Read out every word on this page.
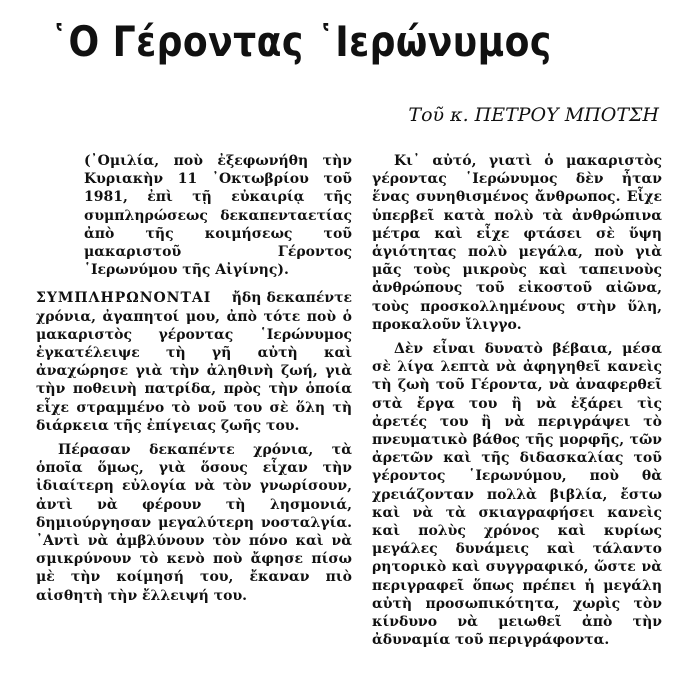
῾Ο Γέροντας ῾Ιερώνυμος
Τοῦ κ. ΠΕΤΡΟΥ ΜΠΟΤΣΗ

(᾿Ομιλία, ποὺ ἐξεφωνήθη τὴν Κυριακὴν 11 ᾿Οκτωβρίου τοῦ 1981, ἐπὶ τῇ εὐκαιρίᾳ τῆς συμπληρώσεως δεκαπενταετίας ἀπὸ τῆς κοιμήσεως τοῦ μακαριστοῦ Γέροντος ῾Ιερωνύμου τῆς Αἰγίνης).

ΣΥΜΠΛΗΡΩΝΟΝΤΑΙ ἤδη δεκαπέντε χρόνια, ἀγαπητοί μου, ἀπὸ τότε ποὺ ὁ μακαριστὸς γέροντας ῾Ιερώνυμος ἐγκατέλειψε τὴ γῆ αὐτὴ καὶ ἀναχώρησε γιὰ τὴν ἀληθινὴ ζωή, γιὰ τὴν ποθεινὴ πατρίδα, πρὸς τὴν ὁποία εἶχε στραμμένο τὸ νοῦ του σὲ ὅλη τὴ διάρκεια τῆς ἐπίγειας ζωῆς του.

Πέρασαν δεκαπέντε χρόνια, τὰ ὁποῖα ὅμως, γιὰ ὅσους εἶχαν τὴν ἰδιαίτερη εὐλογία νὰ τὸν γνωρίσουν, ἀντὶ νὰ φέρουν τὴ λησμονιά, δημιούργησαν μεγαλύτερη νοσταλγία. ᾿Αντὶ νὰ ἀμβλύνουν τὸν πόνο καὶ νὰ σμικρύνουν τὸ κενὸ ποὺ ἄφησε πίσω μὲ τὴν κοίμησή του, ἔκαναν πιὸ αἰσθητὴ τὴν ἔλλειψή του.

Κι᾿ αὐτό, γιατὶ ὁ μακαριστὸς γέροντας ῾Ιερώνυμος δὲν ἦταν ἕνας συνηθισμένος ἄνθρωπος. Εἶχε ὑπερβεῖ κατὰ πολὺ τὰ ἀνθρώπινα μέτρα καὶ εἶχε φτάσει σὲ ὕψη ἁγιότητας πολὺ μεγάλα, ποὺ γιὰ μᾶς τοὺς μικροὺς καὶ ταπεινοὺς ἀνθρώπους τοῦ εἰκοστοῦ αἰῶνα, τοὺς προσκολλημένους στὴν ὕλη, προκαλοῦν ἴλιγγο.

Δὲν εἶναι δυνατὸ βέβαια, μέσα σὲ λίγα λεπτὰ νὰ ἀφηγηθεῖ κανεὶς τὴ ζωὴ τοῦ Γέροντα, νὰ ἀναφερθεῖ στὰ ἔργα του ἢ νὰ ἐξάρει τὶς ἀρετές του ἢ νὰ περιγράψει τὸ πνευματικὸ βάθος τῆς μορφῆς, τῶν ἀρετῶν καὶ τῆς διδασκαλίας τοῦ γέροντος ῾Ιερωνύμου, ποὺ θὰ χρειάζονταν πολλὰ βιβλία, ἔστω καὶ νὰ τὰ σκιαγραφήσει κανεὶς καὶ πολὺς χρόνος καὶ κυρίως μεγάλες δυνάμεις καὶ τάλαντο ρητορικὸ καὶ συγγραφικό, ὥστε νὰ περιγραφεῖ ὅπως πρέπει ἡ μεγάλη αὐτὴ προσωπικότητα, χωρὶς τὸν κίνδυνο νὰ μειωθεῖ ἀπὸ τὴν ἀδυναμία τοῦ περιγράφοντα.
